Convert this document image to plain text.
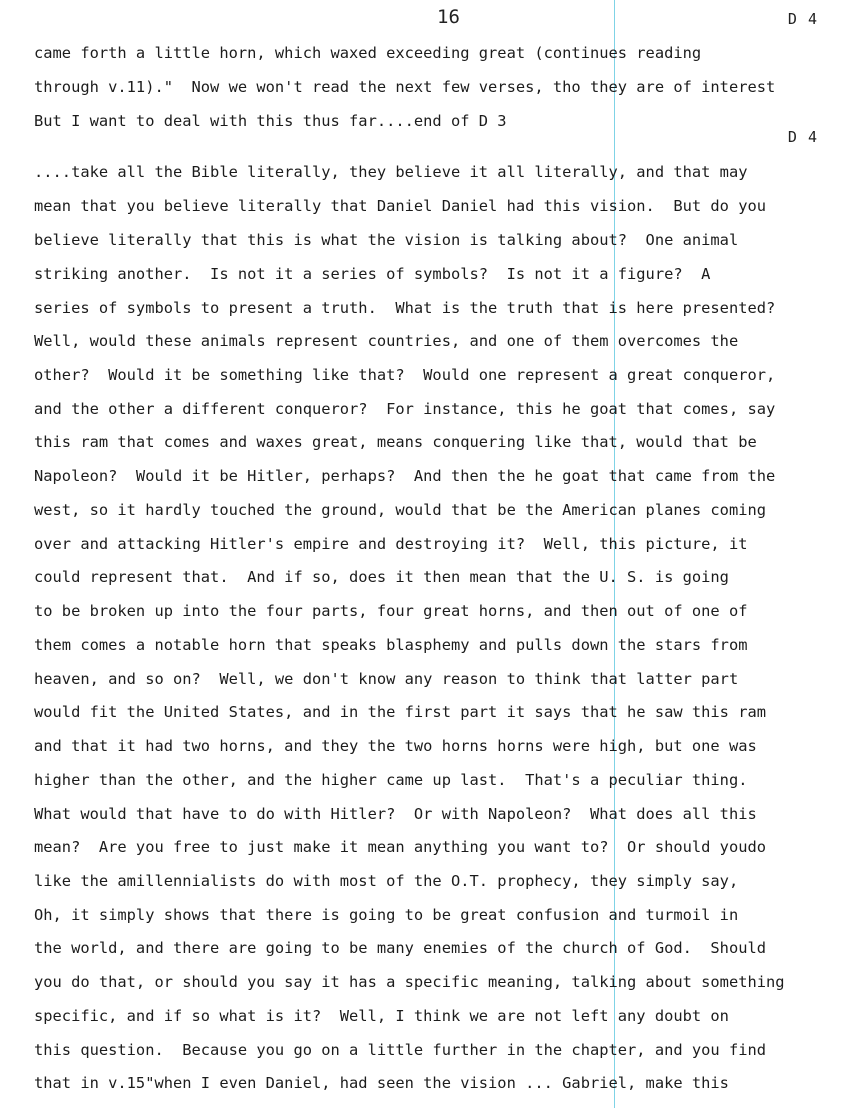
16	D 4
D 4
came forth a little horn, which waxed exceeding great (continues reading
through v.11)."  Now we won't read the next few verses, tho they are of interest
But I want to deal with this thus far....end of D 3
....take all the Bible literally, they believe it all literally, and that may
mean that you believe literally that Daniel Daniel had this vision.  But do you
believe literally that this is what the vision is talking about?  One animal
striking another.  Is not it a series of symbols?  Is not it a figure?  A
series of symbols to present a truth.  What is the truth that is here presented?
Well, would these animals represent countries, and one of them overcomes the
other?  Would it be something like that?  Would one represent a great conqueror,
and the other a different conqueror?  For instance, this he goat that comes, say
this ram that comes and waxes great, means conquering like that, would that be
Napoleon?  Would it be Hitler, perhaps?  And then the he goat that came from the
west, so it hardly touched the ground, would that be the American planes coming
over and attacking Hitler's empire and destroying it?  Well, this picture, it
could represent that.  And if so, does it then mean that the U. S. is going
to be broken up into the four parts, four great horns, and then out of one of
them comes a notable horn that speaks blasphemy and pulls down the stars from
heaven, and so on?  Well, we don't know any reason to think that latter part
would fit the United States, and in the first part it says that he saw this ram
and that it had two horns, and they the two horns horns were high, but one was
higher than the other, and the higher came up last.  That's a peculiar thing.
What would that have to do with Hitler?  Or with Napoleon?  What does all this
mean?  Are you free to just make it mean anything you want to?  Or should youdo
like the amillennialists do with most of the O.T. prophecy, they simply say,
Oh, it simply shows that there is going to be great confusion and turmoil in
the world, and there are going to be many enemies of the church of God.  Should
you do that, or should you say it has a specific meaning, talking about something
specific, and if so what is it?  Well, I think we are not left any doubt on
this question.  Because you go on a little further in the chapter, and you find
that in v.15"when I even Daniel, had seen the vision ... Gabriel, make this
